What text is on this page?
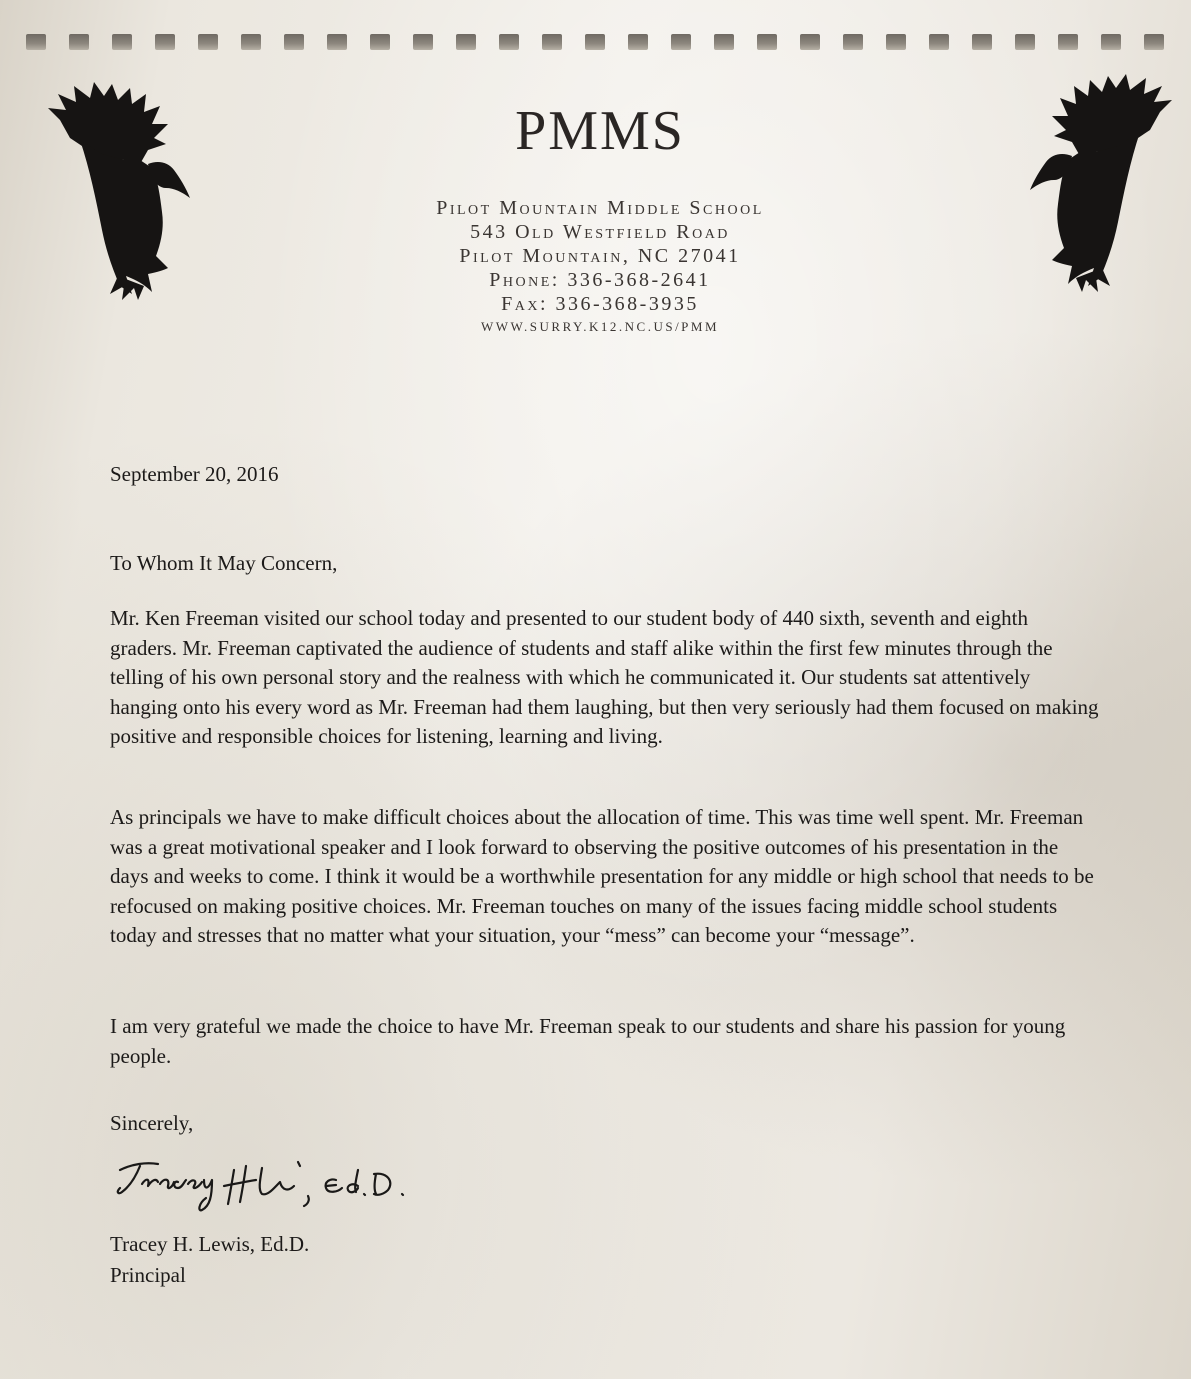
PMMS
Pilot Mountain Middle School
543 Old Westfield Road
Pilot Mountain, NC 27041
Phone: 336-368-2641
Fax: 336-368-3935
WWW.SURRY.K12.NC.US/PMM
September 20, 2016
To Whom It May Concern,
Mr. Ken Freeman visited our school today and presented to our student body of 440 sixth, seventh and eighth graders. Mr. Freeman captivated the audience of students and staff alike within the first few minutes through the telling of his own personal story and the realness with which he communicated it. Our students sat attentively hanging onto his every word as Mr. Freeman had them laughing, but then very seriously had them focused on making positive and responsible choices for listening, learning and living.
As principals we have to make difficult choices about the allocation of time. This was time well spent. Mr. Freeman was a great motivational speaker and I look forward to observing the positive outcomes of his presentation in the days and weeks to come. I think it would be a worthwhile presentation for any middle or high school that needs to be refocused on making positive choices. Mr. Freeman touches on many of the issues facing middle school students today and stresses that no matter what your situation, your “mess” can become your “message”.
I am very grateful we made the choice to have Mr. Freeman speak to our students and share his passion for young people.
Sincerely,
Tracey H. Lewis, Ed.D.
Principal
